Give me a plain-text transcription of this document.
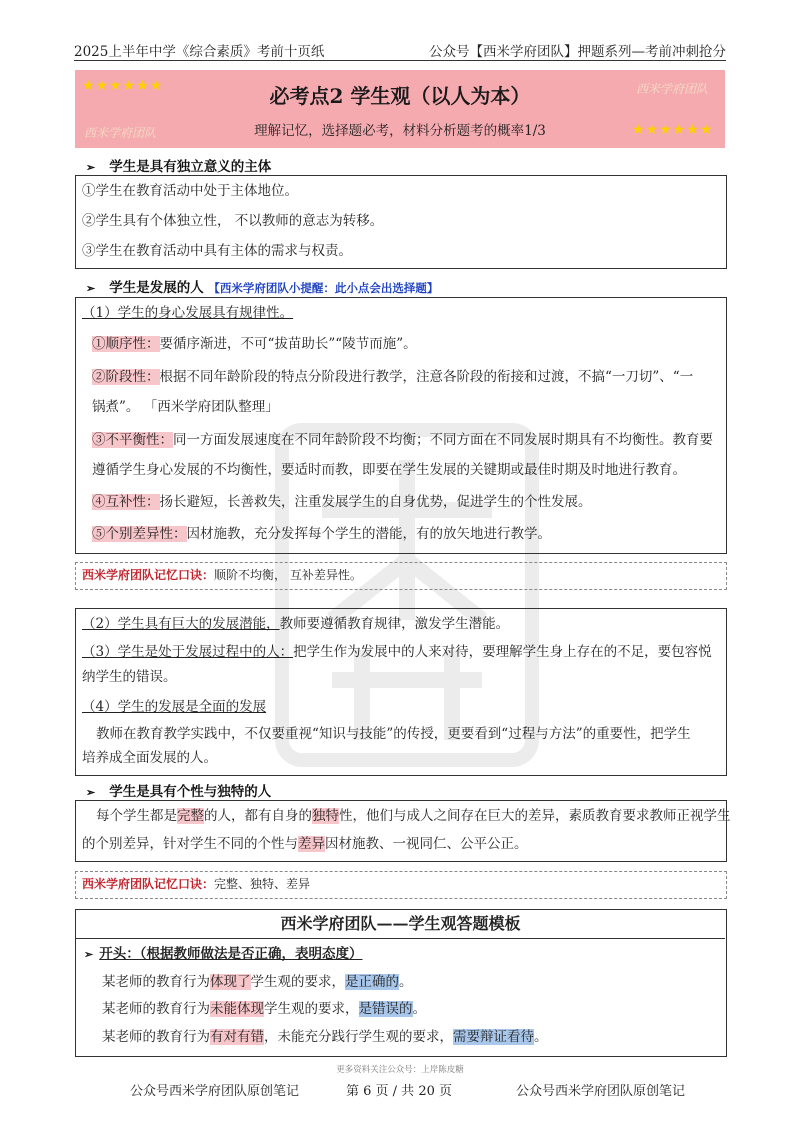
2025上半年中学《综合素质》考前十页纸	公众号【西米学府团队】押题系列—考前冲刺抢分
★★★★★★	西米学府团队
西米学府团队	★★★★★★
必考点2 学生观（以人为本）
理解记忆，选择题必考，材料分析题考的概率1/3
➢ 学生是具有独立意义的主体
①学生在教育活动中处于主体地位。
②学生具有个体独立性， 不以教师的意志为转移。
③学生在教育活动中具有主体的需求与权责。
➢ 学生是发展的人 【西米学府团队小提醒：此小点会出选择题】
（1）学生的身心发展具有规律性。
①顺序性：要循序渐进，不可“拔苗助长”“陵节而施”。
②阶段性：根据不同年龄阶段的特点分阶段进行教学，注意各阶段的衔接和过渡，不搞“一刀切”、“一
锅煮”。 「西米学府团队整理」
③不平衡性：同一方面发展速度在不同年龄阶段不均衡；不同方面在不同发展时期具有不均衡性。教育要
遵循学生身心发展的不均衡性，要适时而教，即要在学生发展的关键期或最佳时期及时地进行教育。
④互补性：扬长避短，长善救失，注重发展学生的自身优势，促进学生的个性发展。
⑤个别差异性：因材施教，充分发挥每个学生的潜能，有的放矢地进行教学。
西米学府团队记忆口诀：顺阶不均衡， 互补差异性。
（2）学生具有巨大的发展潜能，教师要遵循教育规律，激发学生潜能。
（3）学生是处于发展过程中的人：把学生作为发展中的人来对待，要理解学生身上存在的不足，要包容悦
纳学生的错误。
（4）学生的发展是全面的发展
教师在教育教学实践中，不仅要重视“知识与技能”的传授，更要看到“过程与方法”的重要性，把学生
培养成全面发展的人。
➢ 学生是具有个性与独特的人
每个学生都是完整的人，都有自身的独特性，他们与成人之间存在巨大的差异，素质教育要求教师正视学生
的个别差异，针对学生不同的个性与差异因材施教、一视同仁、公平公正。
西米学府团队记忆口诀：完整、独特、差异
西米学府团队——学生观答题模板
➢ 开头：（根据教师做法是否正确，表明态度）
某老师的教育行为体现了学生观的要求，是正确的。
某老师的教育行为未能体现学生观的要求，是错误的。
某老师的教育行为有对有错，未能充分践行学生观的要求，需要辩证看待。
更多资料关注公众号：上岸陈皮糖
公众号西米学府团队原创笔记	第 6 页 / 共 20 页	公众号西米学府团队原创笔记
